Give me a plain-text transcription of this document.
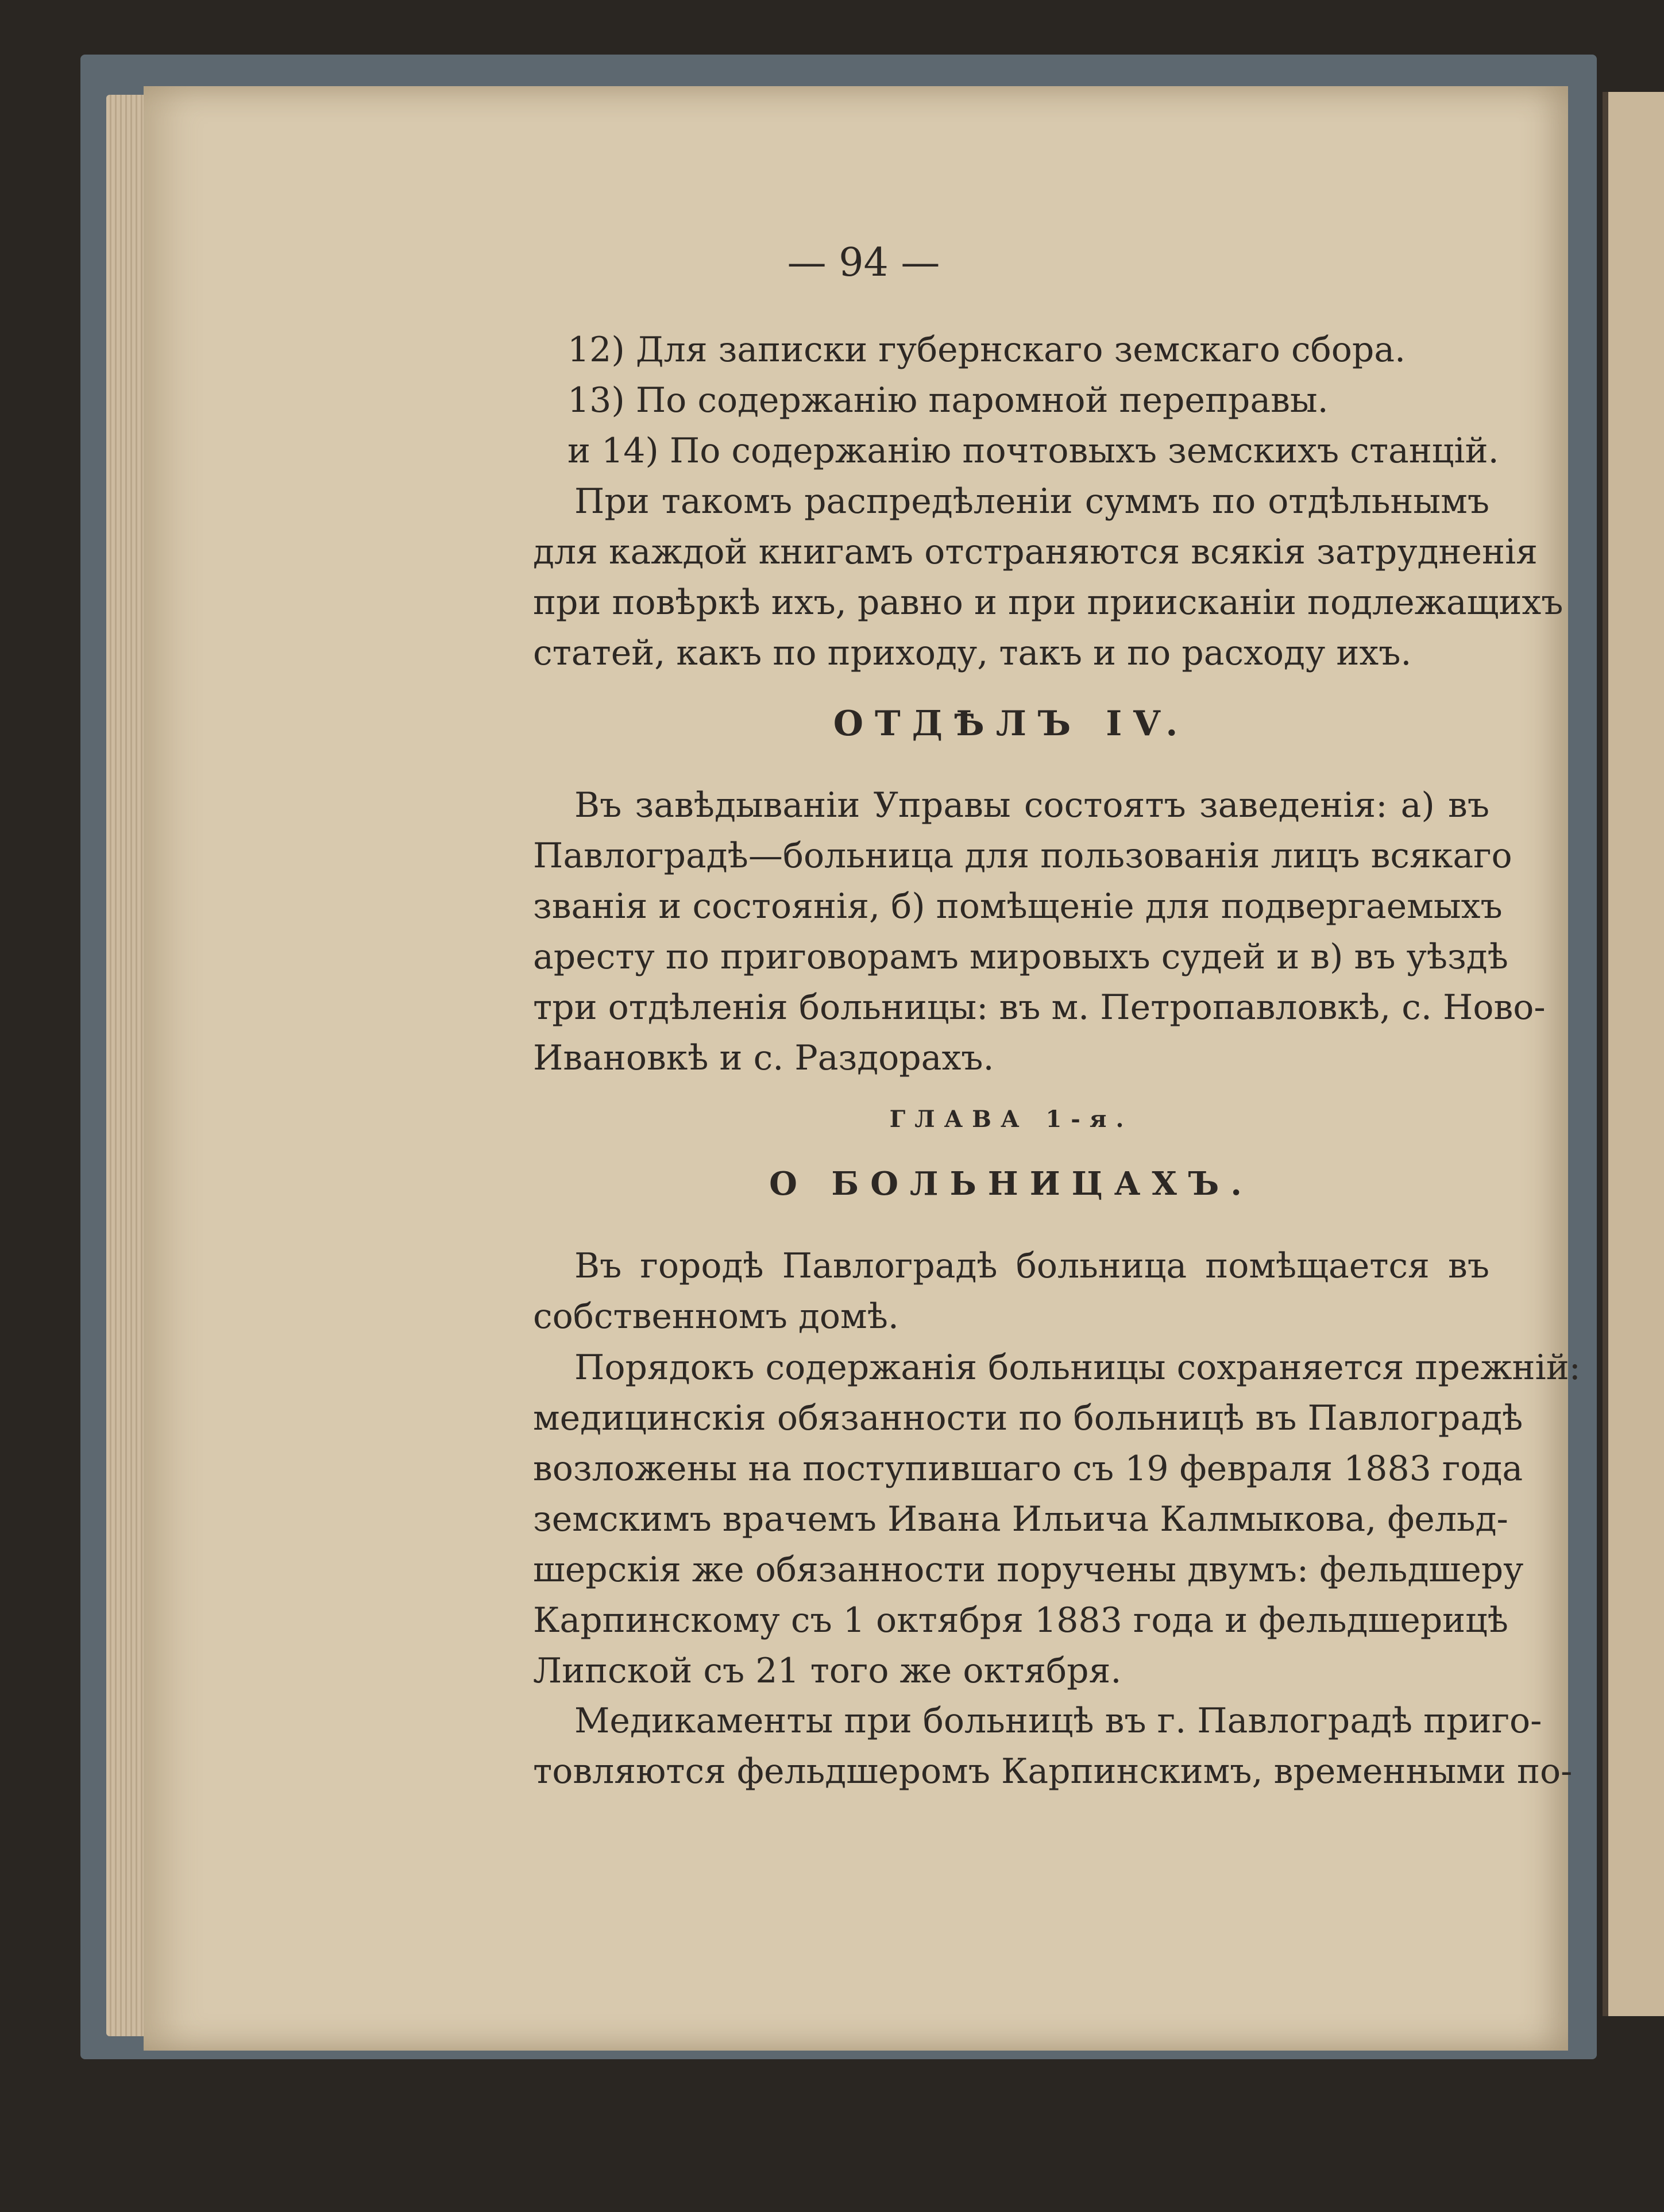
— 94 —
12) Для записки губернскаго земскаго сбора.
13) По содержанію паромной переправы.
и 14) По содержанію почтовыхъ земскихъ станцій.
При такомъ распредѣленіи суммъ по отдѣльнымъ
для каждой книгамъ отстраняются всякія затрудненія
при повѣркѣ ихъ, равно и при приисканіи подлежащихъ
статей, какъ по приходу, такъ и по расходу ихъ.
ОТДѢЛЪ IV.
Въ завѣдываніи Управы состоятъ заведенія: а) въ
Павлоградѣ—больница для пользованія лицъ всякаго
званія и состоянія, б) помѣщеніе для подвергаемыхъ
аресту по приговорамъ мировыхъ судей и в) въ уѣздѣ
три отдѣленія больницы: въ м. Петропавловкѣ, с. Ново-
Ивановкѣ и с. Раздорахъ.
ГЛАВА 1-я.
О БОЛЬНИЦАХЪ.
Въ городѣ Павлоградѣ больница помѣщается въ
собственномъ домѣ.
Порядокъ содержанія больницы сохраняется прежній:
медицинскія обязанности по больницѣ въ Павлоградѣ
возложены на поступившаго съ 19 февраля 1883 года
земскимъ врачемъ Ивана Ильича Калмыкова, фельд-
шерскія же обязанности поручены двумъ: фельдшеру
Карпинскому съ 1 октября 1883 года и фельдшерицѣ
Липской съ 21 того же октября.
Медикаменты при больницѣ въ г. Павлоградѣ приго-
товляются фельдшеромъ Карпинскимъ, временными по-
